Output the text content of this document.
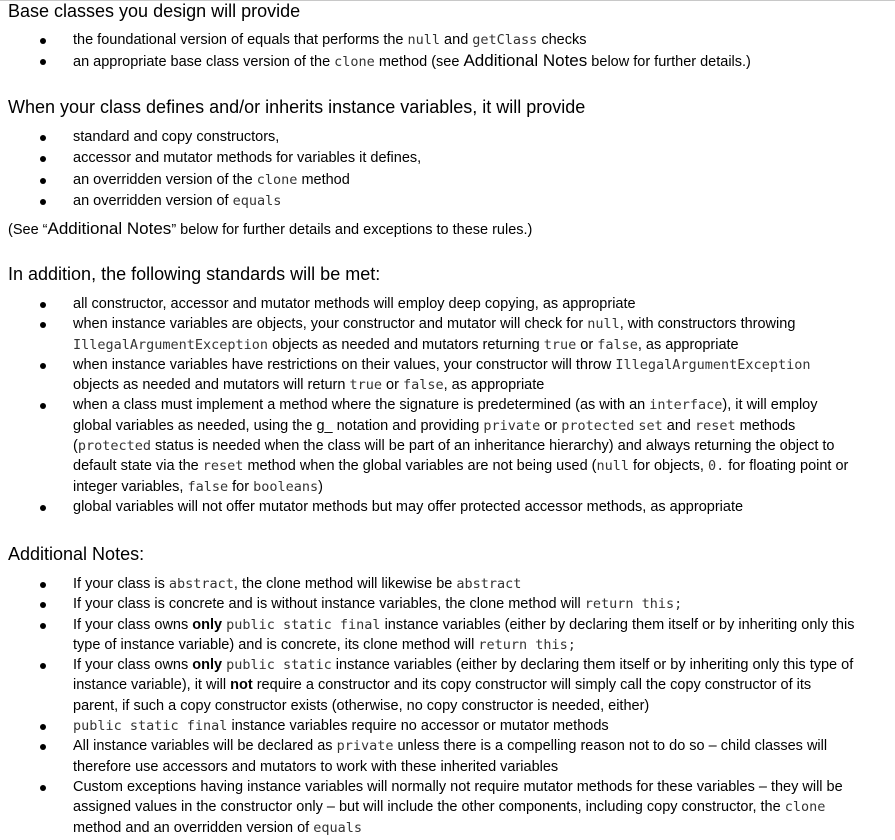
Base classes you design will provide
the foundational version of equals that performs the null and getClass checks
an appropriate base class version of the clone method (see Additional Notes below for further details.)
When your class defines and/or inherits instance variables, it will provide
standard and copy constructors,
accessor and mutator methods for variables it defines,
an overridden version of the clone method
an overridden version of equals

(See “Additional Notes” below for further details and exceptions to these rules.)

In addition, the following standards will be met:
all constructor, accessor and mutator methods will employ deep copying, as appropriate
when instance variables are objects, your constructor and mutator will check for null, with constructors throwing IllegalArgumentException objects as needed and mutators returning true or false, as appropriate
when instance variables have restrictions on their values, your constructor will throw IllegalArgumentException objects as needed and mutators will return true or false, as appropriate
when a class must implement a method where the signature is predetermined (as with an interface), it will employ global variables as needed, using the g_ notation and providing private or protected set and reset methods (protected status is needed when the class will be part of an inheritance hierarchy) and always returning the object to default state via the reset method when the global variables are not being used (null for objects, 0. for floating point or integer variables, false for booleans)
global variables will not offer mutator methods but may offer protected accessor methods, as appropriate
Additional Notes:
If your class is abstract, the clone method will likewise be abstract
If your class is concrete and is without instance variables, the clone method will return this;
If your class owns only public static final instance variables (either by declaring them itself or by inheriting only this type of instance variable) and is concrete, its clone method will return this;
If your class owns only public static instance variables (either by declaring them itself or by inheriting only this type of instance variable), it will not require a constructor and its copy constructor will simply call the copy constructor of its parent, if such a copy constructor exists (otherwise, no copy constructor is needed, either)
public static final instance variables require no accessor or mutator methods
All instance variables will be declared as private unless there is a compelling reason not to do so – child classes will therefore use accessors and mutators to work with these inherited variables
Custom exceptions having instance variables will normally not require mutator methods for these variables – they will be assigned values in the constructor only – but will include the other components, including copy constructor, the clone method and an overridden version of equals
